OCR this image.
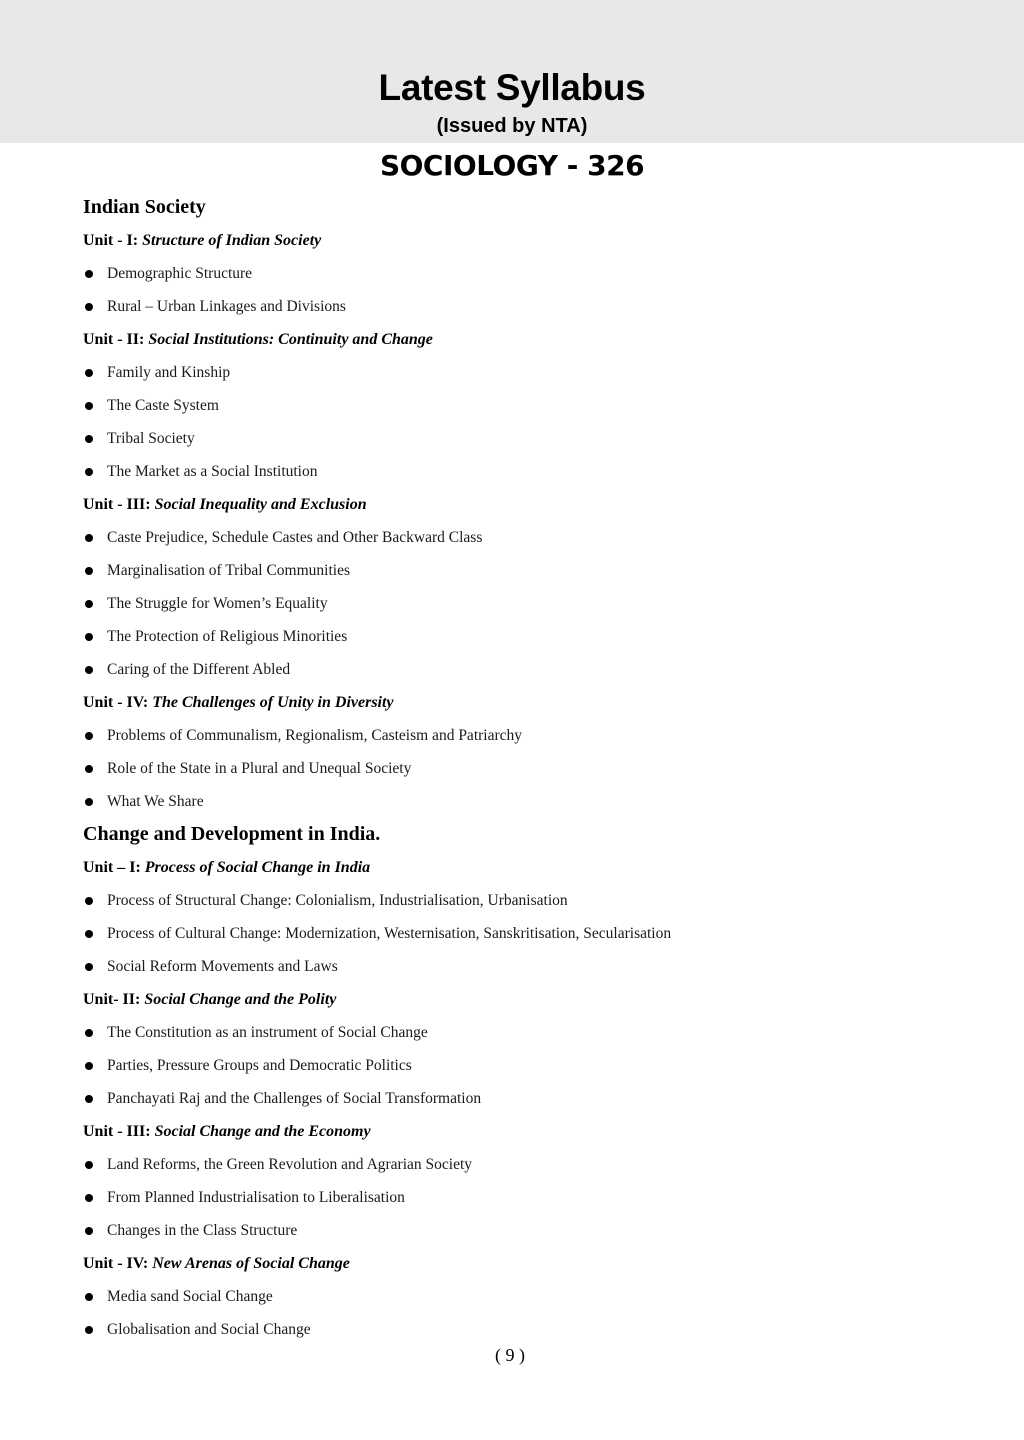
Latest Syllabus
(Issued by NTA)
SOCIOLOGY - 326
Indian Society
Unit - I: Structure of Indian Society
Demographic Structure
Rural – Urban Linkages and Divisions
Unit - II: Social Institutions: Continuity and Change
Family and Kinship
The Caste System
Tribal Society
The Market as a Social Institution
Unit - III: Social Inequality and Exclusion
Caste Prejudice, Schedule Castes and Other Backward Class
Marginalisation of Tribal Communities
The Struggle for Women’s Equality
The Protection of Religious Minorities
Caring of the Different Abled
Unit - IV: The Challenges of Unity in Diversity
Problems of Communalism, Regionalism, Casteism and Patriarchy
Role of the State in a Plural and Unequal Society
What We Share
Change and Development in India.
Unit – I: Process of Social Change in India
Process of Structural Change: Colonialism, Industrialisation, Urbanisation
Process of Cultural Change: Modernization, Westernisation, Sanskritisation, Secularisation
Social Reform Movements and Laws
Unit- II: Social Change and the Polity
The Constitution as an instrument of Social Change
Parties, Pressure Groups and Democratic Politics
Panchayati Raj and the Challenges of Social Transformation
Unit - III: Social Change and the Economy
Land Reforms, the Green Revolution and Agrarian Society
From Planned Industrialisation to Liberalisation
Changes in the Class Structure
Unit - IV: New Arenas of Social Change
Media sand Social Change
Globalisation and Social Change
( 9 )
